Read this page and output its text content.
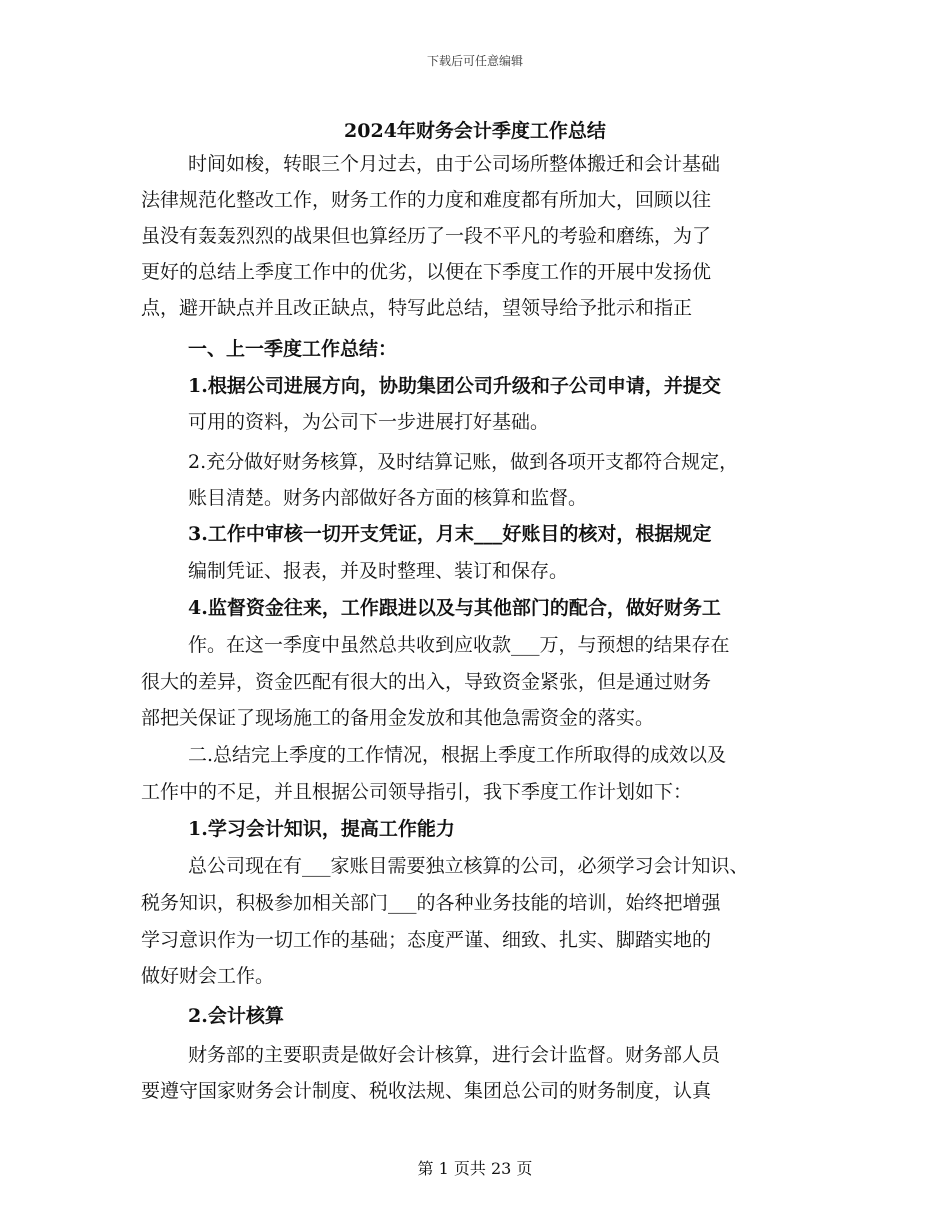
下载后可任意编辑
2024年财务会计季度工作总结
时间如梭，转眼三个月过去，由于公司场所整体搬迁和会计基础
法律规范化整改工作，财务工作的力度和难度都有所加大，回顾以往
虽没有轰轰烈烈的战果但也算经历了一段不平凡的考验和磨练，为了
更好的总结上季度工作中的优劣，以便在下季度工作的开展中发扬优
点，避开缺点并且改正缺点，特写此总结，望领导给予批示和指正
一、上一季度工作总结：
1.根据公司进展方向，协助集团公司升级和子公司申请，并提交
可用的资料，为公司下一步进展打好基础。
2.充分做好财务核算，及时结算记账，做到各项开支都符合规定，
账目清楚。财务内部做好各方面的核算和监督。
3.工作中审核一切开支凭证，月末___好账目的核对，根据规定
编制凭证、报表，并及时整理、装订和保存。
4.监督资金往来，工作跟进以及与其他部门的配合，做好财务工
作。在这一季度中虽然总共收到应收款___万，与预想的结果存在
很大的差异，资金匹配有很大的出入，导致资金紧张，但是通过财务
部把关保证了现场施工的备用金发放和其他急需资金的落实。
二.总结完上季度的工作情况，根据上季度工作所取得的成效以及
工作中的不足，并且根据公司领导指引，我下季度工作计划如下：
1.学习会计知识，提高工作能力
总公司现在有___家账目需要独立核算的公司，必须学习会计知识、
税务知识，积极参加相关部门___的各种业务技能的培训，始终把增强
学习意识作为一切工作的基础；态度严谨、细致、扎实、脚踏实地的
做好财会工作。
2.会计核算
财务部的主要职责是做好会计核算，进行会计监督。财务部人员
要遵守国家财务会计制度、税收法规、集团总公司的财务制度，认真
第 1 页共 23 页
